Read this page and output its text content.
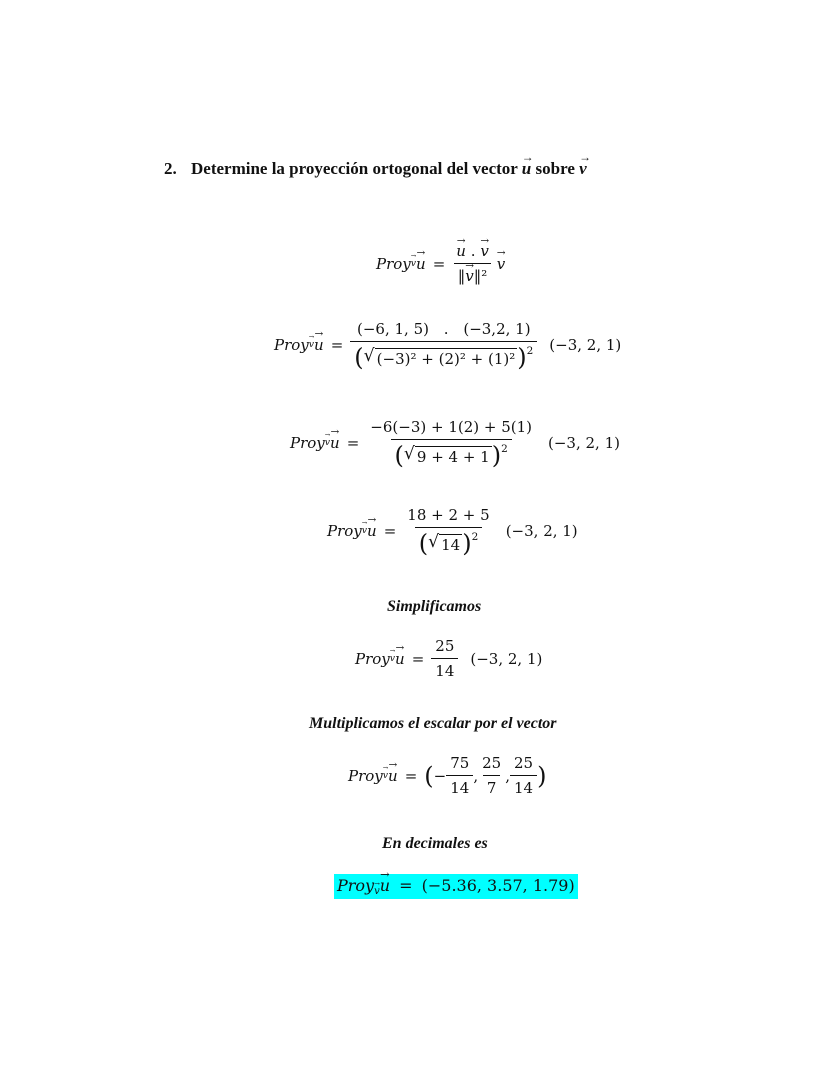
2. Determine la proyección ortogonal del vector → u sobre → v
Proy
→ v
→ u =
→ $\frac{u . \to v}{\text{‖→ v‖²}}$
→ v
Proy
→ v
→ $u = \frac{(-6, 1, 5) . (-3,2, 1)}{( √ (-3)^2 + (2)^2 + (1)^2 )^2} (-3$, 2, 1)
Proy
→ v
→ $u = \frac{-6(-3) + 1(2) + 5(1)}{( √ 9 + 4 + 1 )^2} (-3$, 2, 1)
Proy
→ v
→ $u = \frac{18 + 2 + 5}{( √ 14 )^2} (-3$, 2, 1)
Simplificamos
Proy
→ v
→ $u = \frac{25}{14} (-3$, 2, 1)
Multiplicamos el escalar por el vector
Proy
→ v
→ u = ( − $\frac{75}{14}$ , $\frac{25}{7}$ , $\frac{25}{14}$ )
En decimales es
Proy→ $_v$→ u = (−5.36, 3.57, 1.79)
